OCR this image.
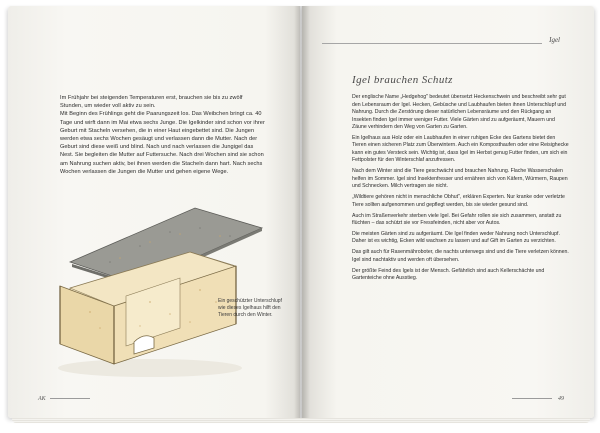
Im Frühjahr bei steigenden Temperaturen erst, brauchen sie bis zu zwölf Stunden, um wieder voll aktiv zu sein.

Mit Beginn des Frühlings geht die Paarungszeit los. Das Weibchen bringt ca. 40 Tage und wirft dann im Mai etwa sechs Junge. Die Igelkinder sind schon vor ihrer Geburt mit Stacheln versehen, die in einer Haut eingebettet sind. Die Jungen werden etwa sechs Wochen gesäugt und verlassen dann die Mutter. Nach der Geburt sind diese weiß und blind. Nach und nach verlassen die Jungigel das Nest. Sie begleiten die Mutter auf Futtersuche. Nach drei Wochen sind sie schon am Nahrung suchen aktiv, bei ihnen werden die Stacheln dann hart. Nach sechs Wochen verlassen die Jungen die Mutter und gehen eigene Wege.

Ein geschützter Unterschlupf wie dieses Igelhaus hilft den Tieren durch den Winter.
AK
Igel
Igel brauchen Schutz

Der englische Name „Hedgehog" bedeutet übersetzt Heckenschwein und beschreibt sehr gut den Lebensraum der Igel. Hecken, Gebüsche und Laubhaufen bieten ihnen Unterschlupf und Nahrung. Durch die Zerstörung dieser natürlichen Lebensräume und den Rückgang an Insekten finden Igel immer weniger Futter. Viele Gärten sind zu aufgeräumt, Mauern und Zäune verhindern den Weg von Garten zu Garten.

Ein Igelhaus aus Holz oder ein Laubhaufen in einer ruhigen Ecke des Gartens bietet den Tieren einen sicheren Platz zum Überwintern. Auch ein Komposthaufen oder eine Reisighecke kann ein gutes Versteck sein. Wichtig ist, dass Igel im Herbst genug Futter finden, um sich ein Fettpolster für den Winterschlaf anzufressen.

Nach dem Winter sind die Tiere geschwächt und brauchen Nahrung. Flache Wasserschalen helfen im Sommer. Igel sind Insektenfresser und ernähren sich von Käfern, Würmern, Raupen und Schnecken. Milch vertragen sie nicht.

„Wildtiere gehören nicht in menschliche Obhut", erklären Experten. Nur kranke oder verletzte Tiere sollten aufgenommen und gepflegt werden, bis sie wieder gesund sind.

Auch im Straßenverkehr sterben viele Igel. Bei Gefahr rollen sie sich zusammen, anstatt zu flüchten – das schützt sie vor Fressfeinden, nicht aber vor Autos.

Die meisten Gärten sind zu aufgeräumt. Die Igel finden weder Nahrung noch Unterschlupf. Daher ist es wichtig, Ecken wild wachsen zu lassen und auf Gift im Garten zu verzichten.

Das gilt auch für Rasenmähroboter, die nachts unterwegs sind und die Tiere verletzen können. Igel sind nachtaktiv und werden oft übersehen.

Der größte Feind des Igels ist der Mensch. Gefährlich sind auch Kellerschächte und Gartenteiche ohne Ausstieg.

49
